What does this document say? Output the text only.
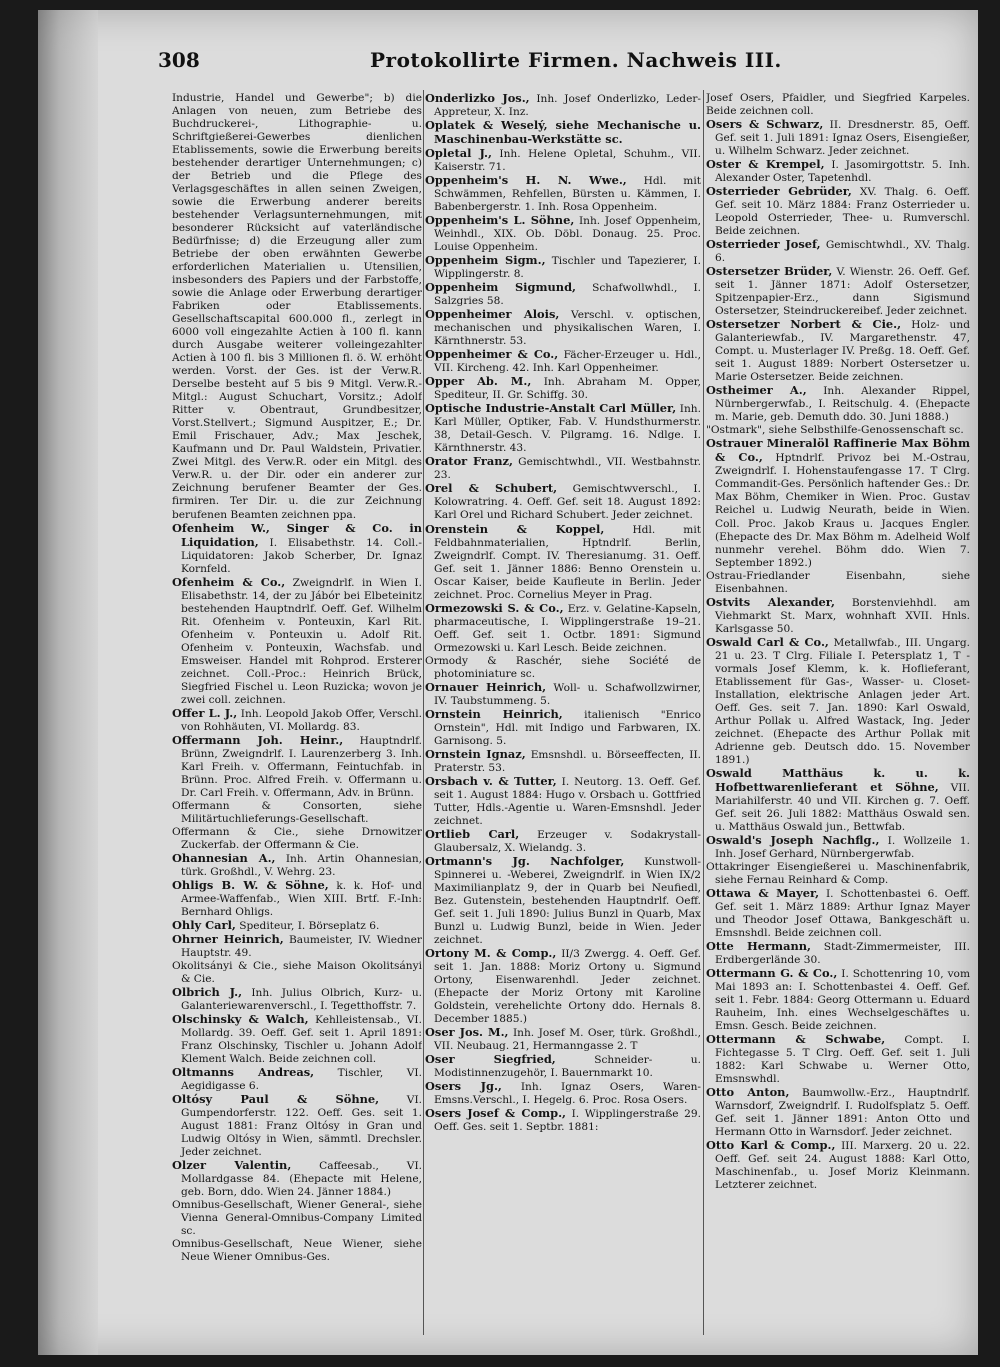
308	Protokollirte Firmen. Nachweis III.

Industrie, Handel und Gewerbe"; b) die Anlagen von neuen, zum Betriebe des Buchdruckerei-, Lithographie- u. Schriftgießerei-Gewerbes dienlichen Etablissements, sowie die Erwerbung bereits bestehender derartiger Unternehmungen; c) der Betrieb und die Pflege des Verlagsgeschäftes in allen seinen Zweigen, sowie die Erwerbung anderer bereits bestehender Verlagsunternehmungen, mit besonderer Rücksicht auf vaterländische Bedürfnisse; d) die Erzeugung aller zum Betriebe der oben erwähnten Gewerbe erforderlichen Materialien u. Utensilien, insbesonders des Papiers und der Farbstoffe, sowie die Anlage oder Erwerbung derartiger Fabriken oder Etablissements. Gesellschaftscapital 600.000 fl., zerlegt in 6000 voll eingezahlte Actien à 100 fl. kann durch Ausgabe weiterer volleingezahlter Actien à 100 fl. bis 3 Millionen fl. ö. W. erhöht werden. Vorst. der Ges. ist der Verw.R. Derselbe besteht auf 5 bis 9 Mitgl. Verw.R.-Mitgl.: August Schuchart, Vorsitz.; Adolf Ritter v. Obentraut, Grundbesitzer, Vorst.Stellvert.; Sigmund Auspitzer, E.; Dr. Emil Frischauer, Adv.; Max Jeschek, Kaufmann und Dr. Paul Waldstein, Privatier. Zwei Mitgl. des Verw.R. oder ein Mitgl. des Verw.R. u. der Dir. oder ein anderer zur Zeichnung berufener Beamter der Ges. firmiren. Ter Dir. u. die zur Zeichnung berufenen Beamten zeichnen ppa.

Ofenheim W., Singer & Co. in Liquidation, I. Elisabethstr. 14. Coll.-Liquidatoren: Jakob Scherber, Dr. Ignaz Kornfeld.

Ofenheim & Co., Zweigndrlf. in Wien I. Elisabethstr. 14, der zu Jábór bei Elbeteinitz bestehenden Hauptndrlf. Oeff. Gef. Wilhelm Rit. Ofenheim v. Ponteuxin, Karl Rit. Ofenheim v. Ponteuxin u. Adolf Rit. Ofenheim v. Ponteuxin, Wachsfab. und Emsweiser. Handel mit Rohprod. Ersterer zeichnet. Coll.-Proc.: Heinrich Brück, Siegfried Fischel u. Leon Ruzicka; wovon je zwei coll. zeichnen.

Offer L. J., Inh. Leopold Jakob Offer, Verschl. von Rohhäuten, VI. Mollardg. 83.

Offermann Joh. Heinr., Hauptndrlf. Brünn, Zweigndrlf. I. Laurenzerberg 3. Inh. Karl Freih. v. Offermann, Feintuchfab. in Brünn. Proc. Alfred Freih. v. Offermann u. Dr. Carl Freih. v. Offermann, Adv. in Brünn.

Offermann & Consorten, siehe Militärtuchlieferungs-Gesellschaft.

Offermann & Cie., siehe Drnowitzer Zuckerfab. der Offermann & Cie.

Ohannesian A., Inh. Artin Ohannesian, türk. Großhdl., V. Wehrg. 23.

Ohligs B. W. & Söhne, k. k. Hof- und Armee-Waffenfab., Wien XIII. Brtf. F.-Inh: Bernhard Ohligs.

Ohly Carl, Spediteur, I. Börseplatz 6.

Ohrner Heinrich, Baumeister, IV. Wiedner Hauptstr. 49.

Okolitsányi & Cie., siehe Maison Okolitsányi & Cie.

Olbrich J., Inh. Julius Olbrich, Kurz- u. Galanteriewarenverschl., I. Tegetthoffstr. 7.

Olschinsky & Walch, Kehlleistensab., VI. Mollardg. 39. Oeff. Gef. seit 1. April 1891: Franz Olschinsky, Tischler u. Johann Adolf Klement Walch. Beide zeichnen coll.

Oltmanns Andreas, Tischler, VI. Aegidigasse 6.

Oltósy Paul & Söhne,	VI. Gumpendorferstr. 122. Oeff. Ges. seit 1. August 1881: Franz Oltósy in Gran und Ludwig Oltósy in Wien, sämmtl. Drechsler. Jeder zeichnet.

Olzer Valentin,	Caffeesab., VI. Mollardgasse 84. (Ehepacte mit Helene, geb. Born, ddo. Wien 24. Jänner 1884.)

Omnibus-Gesellschaft, Wiener General-, siehe Vienna General-Omnibus-Company Limited sc.

Omnibus-Gesellschaft, Neue Wiener, siehe Neue Wiener Omnibus-Ges.

Onderlizko Jos., Inh. Josef Onderlizko, Leder-Appreteur, X. Inz.

Oplatek & Weselý, siehe Mechanische u. Maschinenbau-Werkstätte sc.

Opletal J., Inh. Helene Opletal, Schuhm., VII. Kaiserstr. 71.

Oppenheim's H. N. Wwe., Hdl. mit Schwämmen, Rehfellen, Bürsten u. Kämmen, I. Babenbergerstr. 1. Inh. Rosa Oppenheim.

Oppenheim's L. Söhne, Inh. Josef Oppenheim, Weinhdl., XIX. Ob. Döbl. Donaug. 25. Proc. Louise Oppenheim.

Oppenheim Sigm., Tischler und Tapezierer, I. Wipplingerstr. 8.

Oppenheim Sigmund, Schafwollwhdl., I. Salzgries 58.

Oppenheimer Alois, Verschl. v. optischen, mechanischen und physikalischen Waren, I. Kärnthnerstr. 53.

Oppenheimer & Co., Fächer-Erzeuger u. Hdl., VII. Kircheng. 42. Inh. Karl Oppenheimer.

Opper Ab. M., Inh. Abraham M. Opper, Spediteur, II. Gr. Schiffg. 30.

Optische Industrie-Anstalt Carl Müller, Inh. Karl Müller, Optiker, Fab. V. Hundsthurmerstr. 38, Detail-Gesch. V. Pilgramg. 16. Ndlge. I. Kärnthnerstr. 43.

Orator Franz, Gemischtwhdl., VII. Westbahnstr. 23.

Orel & Schubert, Gemischtwverschl., I. Kolowratring. 4. Oeff. Gef. seit 18. August 1892: Karl Orel und Richard Schubert. Jeder zeichnet.

Orenstein & Koppel,	Hdl. mit Feldbahnmaterialien, Hptndrlf. Berlin, Zweigndrlf. Compt. IV. Theresianumg. 31. Oeff. Gef. seit 1. Jänner 1886: Benno Orenstein u. Oscar Kaiser, beide Kaufleute in Berlin. Jeder zeichnet. Proc. Cornelius Meyer in Prag.

Ormezowski S. & Co., Erz. v. Gelatine-Kapseln, pharmaceutische, I. Wipplingerstraße 19–21. Oeff. Gef. seit 1. Octbr. 1891: Sigmund Ormezowski u. Karl Lesch. Beide zeichnen.

Ormody & Raschér, siehe Société de photominiature sc.

Ornauer Heinrich, Woll- u. Schafwollzwirner, IV. Taubstummeng. 5.

Ornstein Heinrich, italienisch "Enrico Ornstein", Hdl. mit Indigo und Farbwaren, IX. Garnisong. 5.

Ornstein Ignaz, Emsnshdl. u. Börseeffecten, II. Praterstr. 53.

Orsbach v. & Tutter, I. Neutorg. 13. Oeff. Gef. seit 1. August 1884: Hugo v. Orsbach u. Gottfried Tutter, Hdls.-Agentie u. Waren-Emsnshdl. Jeder zeichnet.

Ortlieb Carl, Erzeuger v. Sodakrystall-Glaubersalz, X. Wielandg. 3.

Ortmann's Jg. Nachfolger, Kunstwoll-Spinnerei u. -Weberei, Zweigndrlf. in Wien IX/2 Maximilianplatz 9, der in Quarb bei Neufiedl, Bez. Gutenstein, bestehenden Hauptndrlf. Oeff. Gef. seit 1. Juli 1890: Julius Bunzl in Quarb, Max Bunzl u. Ludwig Bunzl, beide in Wien. Jeder zeichnet.

Ortony M. & Comp., II/3 Zwergg. 4. Oeff. Gef. seit 1. Jan. 1888: Moriz Ortony u. Sigmund Ortony, Eisenwarenhdl. Jeder zeichnet. (Ehepacte der Moriz Ortony mit Karoline Goldstein, verehelichte Ortony ddo. Hernals 8. December 1885.)

Oser Jos. M., Inh. Josef M. Oser, türk. Großhdl., VII. Neubaug. 21, Hermanngasse 2. T

Oser Siegfried,	Schneider- u. Modistinnenzugehör, I. Bauernmarkt 10.

Osers Jg., Inh. Ignaz Osers, Waren-Emsns.Verschl., I. Hegelg. 6. Proc. Rosa Osers.

Osers Josef & Comp., I. Wipplingerstraße 29. Oeff. Ges. seit 1. Septbr. 1881:

Josef Osers, Pfaidler, und Siegfried Karpeles. Beide zeichnen coll.

Osers & Schwarz, II. Dresdnerstr. 85, Oeff. Gef. seit 1. Juli 1891: Ignaz Osers, Eisengießer, u. Wilhelm Schwarz. Jeder zeichnet.

Oster & Krempel, I. Jasomirgottstr. 5. Inh. Alexander Oster, Tapetenhdl.

Osterrieder Gebrüder, XV. Thalg. 6. Oeff. Gef. seit 10. März 1884: Franz Osterrieder u. Leopold Osterrieder, Thee- u. Rumverschl. Beide zeichnen.

Osterrieder Josef, Gemischtwhdl., XV. Thalg. 6.

Ostersetzer Brüder, V. Wienstr. 26. Oeff. Gef. seit 1. Jänner 1871: Adolf Ostersetzer, Spitzenpapier-Erz., dann Sigismund Ostersetzer, Steindruckereibef. Jeder zeichnet.

Ostersetzer Norbert & Cie., Holz- und Galanteriewfab., IV. Margarethenstr. 47, Compt. u. Musterlager IV. Preßg. 18. Oeff. Gef. seit 1. August 1889: Norbert Ostersetzer u. Marie Ostersetzer. Beide zeichnen.

Ostheimer A., Inh. Alexander Rippel, Nürnbergerwfab., I. Reitschulg. 4. (Ehepacte m. Marie, geb. Demuth ddo. 30. Juni 1888.)

"Ostmark", siehe Selbsthilfe-Genossenschaft sc.

Ostrauer Mineralöl Raffinerie Max Böhm & Co., Hptndrlf. Privoz bei M.-Ostrau, Zweigndrlf. I. Hohenstaufengasse 17. T Clrg. Commandit-Ges. Persönlich haftender Ges.: Dr. Max Böhm, Chemiker in Wien. Proc. Gustav Reichel u. Ludwig Neurath, beide in Wien. Coll. Proc. Jakob Kraus u. Jacques Engler. (Ehepacte des Dr. Max Böhm m. Adelheid Wolf nunmehr verehel. Böhm ddo. Wien 7. September 1892.)

Ostrau-Friedlander Eisenbahn, siehe Eisenbahnen.

Ostvits Alexander, Borstenviehhdl. am Viehmarkt St. Marx, wohnhaft XVII. Hnls. Karlsgasse 50.

Oswald Carl & Co., Metallwfab., III. Ungarg. 21 u. 23. T Clrg. Filiale I. Petersplatz 1, T -vormals Josef Klemm, k. k. Hoflieferant, Etablissement für Gas-, Wasser- u. Closet-Installation, elektrische Anlagen jeder Art. Oeff. Ges. seit 7. Jan. 1890: Karl Oswald, Arthur Pollak u. Alfred Wastack, Ing. Jeder zeichnet. (Ehepacte des Arthur Pollak mit Adrienne geb. Deutsch ddo. 15. November 1891.)

Oswald Matthäus k. u. k. Hofbettwarenlieferant et Söhne, VII. Mariahilferstr. 40 und VII. Kirchen g. 7. Oeff. Gef. seit 26. Juli 1882: Matthäus Oswald sen. u. Matthäus Oswald jun., Bettwfab.

Oswald's Joseph Nachflg., I. Wollzeile 1. Inh. Josef Gerhard, Nürnbergerwfab.

Ottakringer Eisengießerei u. Maschinenfabrik, siehe Fernau Reinhard & Comp.

Ottawa & Mayer, I. Schottenbastei 6. Oeff. Gef. seit 1. März 1889: Arthur Ignaz Mayer und Theodor Josef Ottawa, Bankgeschäft u. Emsnshdl. Beide zeichnen coll.

Otte Hermann, Stadt-Zimmermeister, III. Erdbergerlände 30.

Ottermann G. & Co., I. Schottenring 10, vom Mai 1893 an: I. Schottenbastei 4. Oeff. Gef. seit 1. Febr. 1884: Georg Ottermann u. Eduard Rauheim, Inh. eines Wechselgeschäftes u. Emsn. Gesch. Beide zeichnen.

Ottermann & Schwabe, Compt. I. Fichtegasse 5. T Clrg. Oeff. Gef. seit 1. Juli 1882: Karl Schwabe u. Werner Otto, Emsnswhdl.

Otto Anton, Baumwollw.-Erz., Hauptndrlf. Warnsdorf, Zweigndrlf. I. Rudolfsplatz 5. Oeff. Gef. seit 1. Jänner 1891: Anton Otto und Hermann Otto in Warnsdorf. Jeder zeichnet.

Otto Karl & Comp., III. Marxerg. 20 u. 22. Oeff. Gef. seit 24. August 1888: Karl Otto, Maschinenfab., u. Josef Moriz Kleinmann. Letzterer zeichnet.
